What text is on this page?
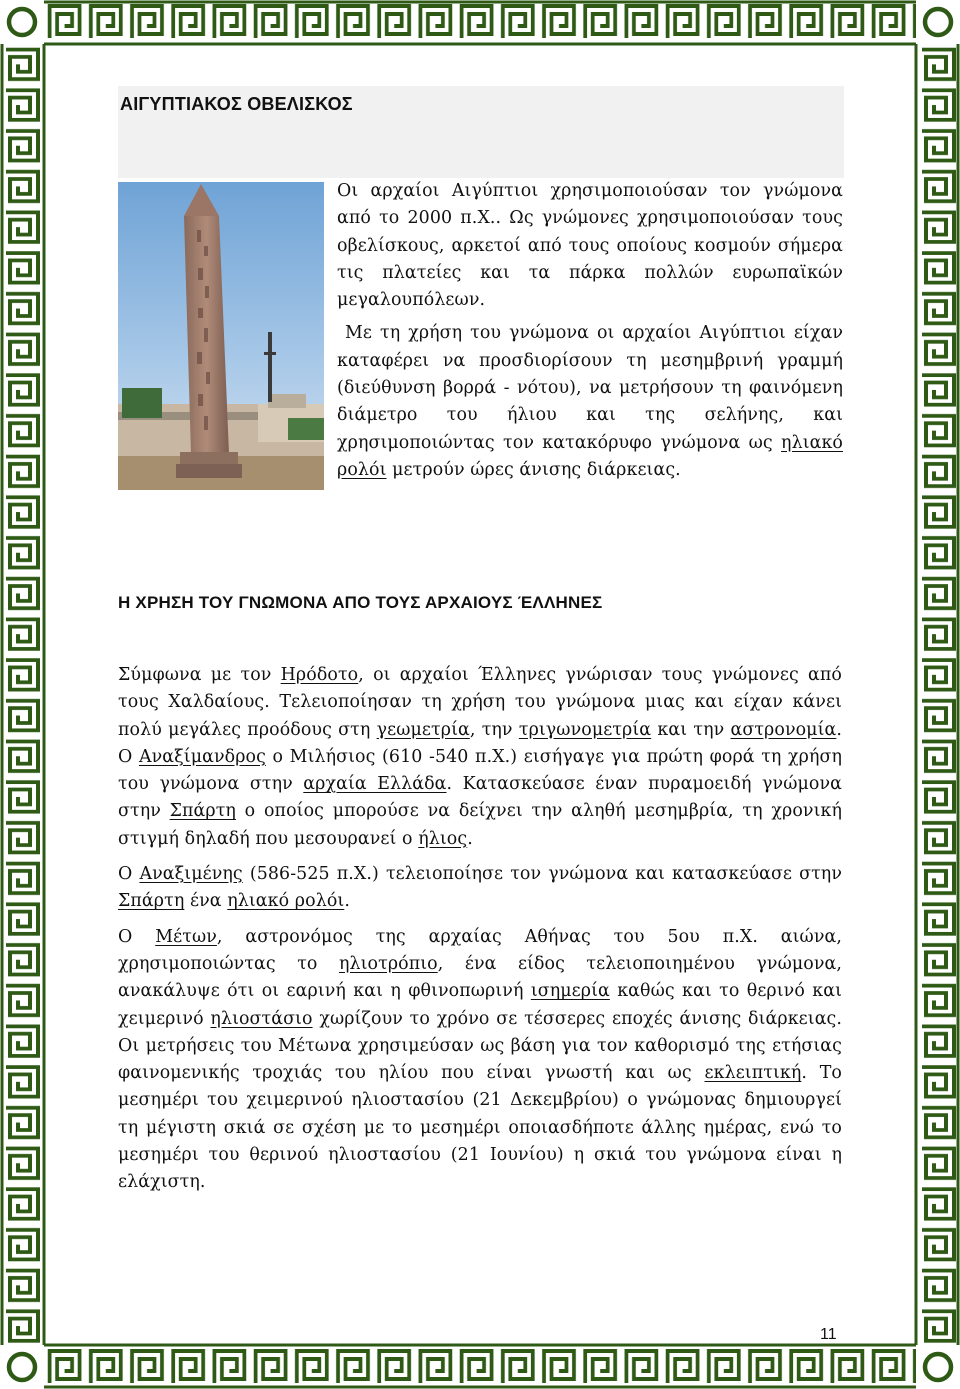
ΑΙΓΥΠΤΙΑΚΟΣ ΟΒΕΛΙΣΚΟΣ

Οι αρχαίοι Αιγύπτιοι χρησιμοποιούσαν τον γνώμονα από το 2000 π.Χ.. Ως γνώμονες χρησιμοποιούσαν τους οβελίσκους, αρκετοί από τους οποίους κοσμούν σήμερα τις πλατείες και τα πάρκα πολλών ευρωπαϊκών μεγαλουπόλεων.

Με τη χρήση του γνώμονα οι αρχαίοι Αιγύπτιοι είχαν καταφέρει να προσδιορίσουν τη μεσημβρινή γραμμή (διεύθυνση βορρά - νότου), να μετρήσουν τη φαινόμενη διάμετρο του ήλιου και της σελήνης, και χρησιμοποιώντας τον κατακόρυφο γνώμονα ως ηλιακό ρολόι μετρούν ώρες άνισης διάρκειας.

Η ΧΡΗΣΗ ΤΟΥ ΓΝΩΜΟΝΑ ΑΠΟ ΤΟΥΣ ΑΡΧΑΙΟΥΣ ΈΛΛΗΝΕΣ

Σύμφωνα με τον Ηρόδοτο, οι αρχαίοι Έλληνες γνώρισαν τους γνώμονες από τους Χαλδαίους. Τελειοποίησαν τη χρήση του γνώμονα μιας και είχαν κάνει πολύ μεγάλες προόδους στη γεωμετρία, την τριγωνομετρία και την αστρονομία. Ο Αναξίμανδρος ο Μιλήσιος (610 -540 π.Χ.) εισήγαγε για πρώτη φορά τη χρήση του γνώμονα στην αρχαία Ελλάδα. Κατασκεύασε έναν πυραμοειδή γνώμονα στην Σπάρτη ο οποίος μπορούσε να δείχνει την αληθή μεσημβρία, τη χρονική στιγμή δηλαδή που μεσουρανεί ο ήλιος.

Ο Αναξιμένης (586-525 π.Χ.) τελειοποίησε τον γνώμονα και κατασκεύασε στην Σπάρτη ένα ηλιακό ρολόι.

Ο Μέτων, αστρονόμος της αρχαίας Αθήνας του 5ου π.Χ. αιώνα, χρησιμοποιώντας το ηλιοτρόπιο, ένα είδος τελειοποιημένου γνώμονα, ανακάλυψε ότι οι εαρινή και η φθινοπωρινή ισημερία καθώς και το θερινό και χειμερινό ηλιοστάσιο χωρίζουν το χρόνο σε τέσσερες εποχές άνισης διάρκειας. Οι μετρήσεις του Μέτωνα χρησιμεύσαν ως βάση για τον καθορισμό της ετήσιας φαινομενικής τροχιάς του ηλίου που είναι γνωστή και ως εκλειπτική. Το μεσημέρι του χειμερινού ηλιοστασίου (21 Δεκεμβρίου) ο γνώμονας δημιουργεί τη μέγιστη σκιά σε σχέση με το μεσημέρι οποιασδήποτε άλλης ημέρας, ενώ το μεσημέρι του θερινού ηλιοστασίου (21 Ιουνίου) η σκιά του γνώμονα είναι η ελάχιστη.

11
